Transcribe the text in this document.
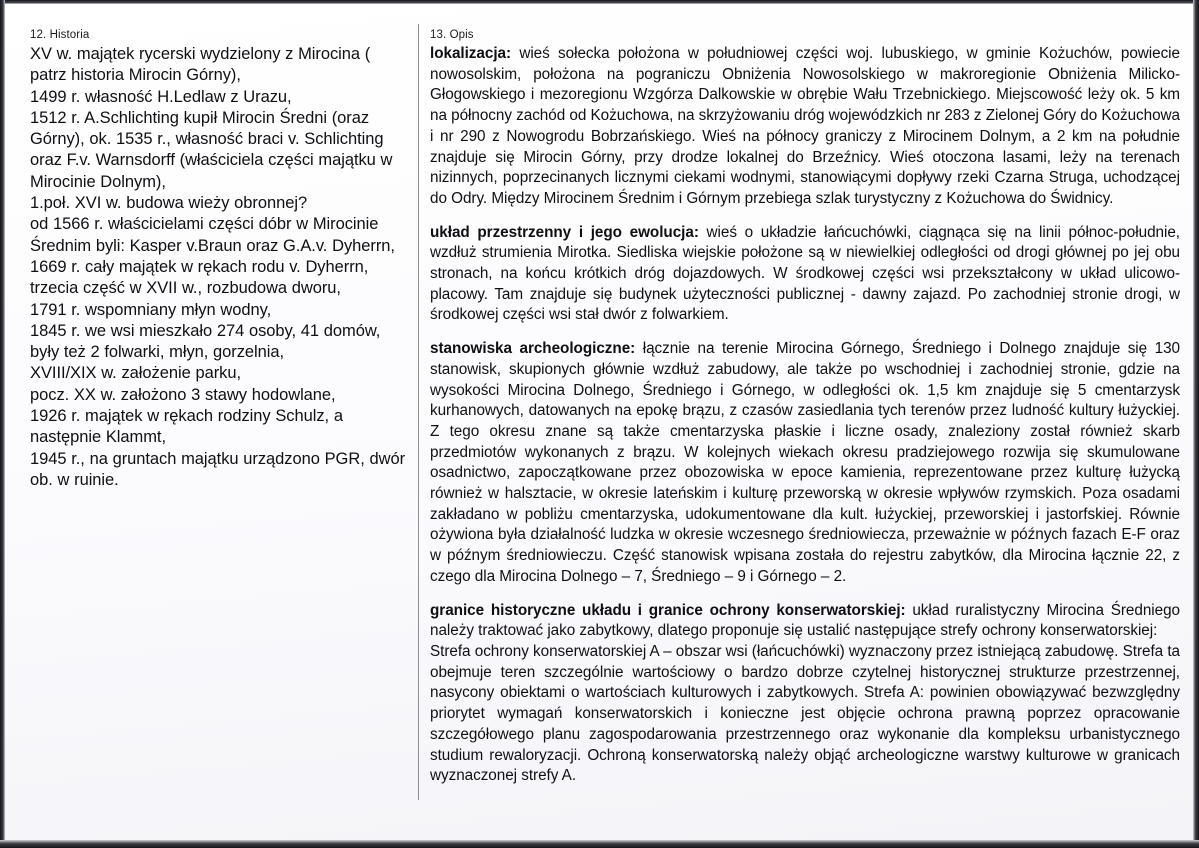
12. Historia
XV w. majątek rycerski wydzielony z Mirocina ( patrz historia Mirocin Górny),
1499 r. własność H.Ledlaw z Urazu,
1512 r. A.Schlichting kupił Mirocin Średni (oraz Górny), ok. 1535 r., własność braci v. Schlichting oraz F.v. Warnsdorff (właściciela części majątku w Mirocinie Dolnym),
1.poł. XVI w. budowa wieży obronnej?
od 1566 r. właścicielami części dóbr w Mirocinie Średnim byli: Kasper v.Braun oraz G.A.v. Dyherrn,
1669 r. cały majątek w rękach rodu v. Dyherrn, trzecia część w XVII w., rozbudowa dworu,
1791 r. wspomniany młyn wodny,
1845 r. we wsi mieszkało 274 osoby, 41 domów, były też 2 folwarki, młyn, gorzelnia,
XVIII/XIX w. założenie parku,
pocz. XX w. założono 3 stawy hodowlane,
1926 r. majątek w rękach rodziny Schulz, a następnie Klammt,
1945 r., na gruntach majątku urządzono PGR, dwór ob. w ruinie.
13. Opis

lokalizacja: wieś sołecka położona w południowej części woj. lubuskiego, w gminie Kożuchów, powiecie nowosolskim, położona na pograniczu Obniżenia Nowosolskiego w makroregionie Obniżenia Milicko-Głogowskiego i mezoregionu Wzgórza Dalkowskie w obrębie Wału Trzebnickiego. Miejscowość leży ok. 5 km na północny zachód od Kożuchowa, na skrzyżowaniu dróg wojewódzkich nr 283 z Zielonej Góry do Kożuchowa i nr 290 z Nowogrodu Bobrzańskiego. Wieś na północy graniczy z Mirocinem Dolnym, a 2 km na południe znajduje się Mirocin Górny, przy drodze lokalnej do Brzeźnicy. Wieś otoczona lasami, leży na terenach nizinnych, poprzecinanych licznymi ciekami wodnymi, stanowiącymi dopływy rzeki Czarna Struga, uchodzącej do Odry. Między Mirocinem Średnim i Górnym przebiega szlak turystyczny z Kożuchowa do Świdnicy.

układ przestrzenny i jego ewolucja: wieś o układzie łańcuchówki, ciągnąca się na linii północ-południe, wzdłuż strumienia Mirotka. Siedliska wiejskie położone są w niewielkiej odległości od drogi głównej po jej obu stronach, na końcu krótkich dróg dojazdowych. W środkowej części wsi przekształcony w układ ulicowo-placowy. Tam znajduje się budynek użyteczności publicznej - dawny zajazd. Po zachodniej stronie drogi, w środkowej części wsi stał dwór z folwarkiem.

stanowiska archeologiczne: łącznie na terenie Mirocina Górnego, Średniego i Dolnego znajduje się 130 stanowisk, skupionych głównie wzdłuż zabudowy, ale także po wschodniej i zachodniej stronie, gdzie na wysokości Mirocina Dolnego, Średniego i Górnego, w odległości ok. 1,5 km znajduje się 5 cmentarzysk kurhanowych, datowanych na epokę brązu, z czasów zasiedlania tych terenów przez ludność kultury łużyckiej. Z tego okresu znane są także cmentarzyska płaskie i liczne osady, znaleziony został również skarb przedmiotów wykonanych z brązu. W kolejnych wiekach okresu pradziejowego rozwija się skumulowane osadnictwo, zapoczątkowane przez obozowiska w epoce kamienia, reprezentowane przez kulturę łużycką również w halsztacie, w okresie lateńskim i kulturę przeworską w okresie wpływów rzymskich. Poza osadami zakładano w pobliżu cmentarzyska, udokumentowane dla kult. łużyckiej, przeworskiej i jastorfskiej. Równie ożywiona była działalność ludzka w okresie wczesnego średniowiecza, przeważnie w późnych fazach E-F oraz w późnym średniowieczu. Część stanowisk wpisana została do rejestru zabytków, dla Mirocina łącznie 22, z czego dla Mirocina Dolnego – 7, Średniego – 9 i Górnego – 2.

granice historyczne układu i granice ochrony konserwatorskiej: układ ruralistyczny Mirocina Średniego należy traktować jako zabytkowy, dlatego proponuje się ustalić następujące strefy ochrony konserwatorskiej:

Strefa ochrony konserwatorskiej A – obszar wsi (łańcuchówki) wyznaczony przez istniejącą zabudowę. Strefa ta obejmuje teren szczególnie wartościowy o bardzo dobrze czytelnej historycznej strukturze przestrzennej, nasycony obiektami o wartościach kulturowych i zabytkowych. Strefa A: powinien obowiązywać bezwzględny priorytet wymagań konserwatorskich i konieczne jest objęcie ochrona prawną poprzez opracowanie szczegółowego planu zagospodarowania przestrzennego oraz wykonanie dla kompleksu urbanistycznego studium rewaloryzacji. Ochroną konserwatorską należy objąć archeologiczne warstwy kulturowe w granicach wyznaczonej strefy A.
